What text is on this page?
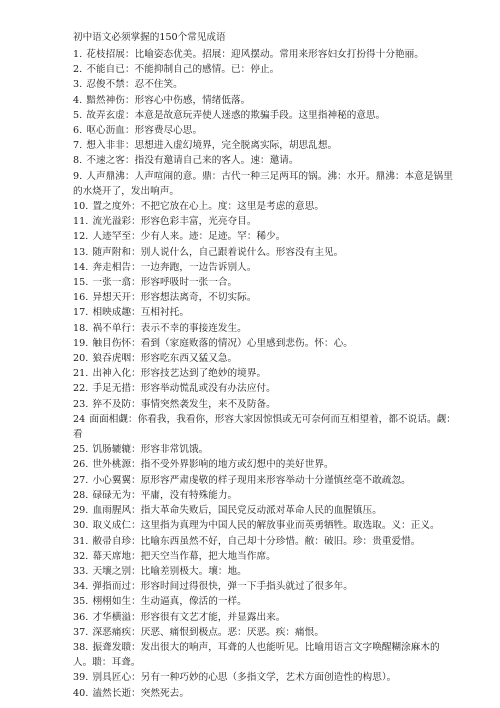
初中语文必须掌握的150个常见成语
1. 花枝招展：比喻姿态优美。招展：迎风摆动。常用来形容妇女打扮得十分艳丽。
2. 不能自已：不能抑制自己的感情。已：停止。
3. 忍俊不禁：忍不住笑。
4. 黯然神伤：形容心中伤感，情绪低落。
5. 故弄玄虚：本意是故意玩弄使人迷惑的欺骗手段。这里指神秘的意思。
6. 呕心沥血：形容费尽心思。
7. 想入非非：思想进入虚幻境界，完全脱离实际，胡思乱想。
8. 不速之客：指没有邀请自己来的客人。速：邀请。
9. 人声鼎沸：人声喧闹的意。鼎：古代一种三足两耳的锅。沸：水开。鼎沸：本意是锅里的水烧开了，发出响声。
10. 置之度外：不把它放在心上。度：这里是考虑的意思。
11. 流光溢彩：形容色彩丰富，光亮夺目。
12. 人迹罕至：少有人来。迹：足迹。罕：稀少。
13. 随声附和：别人说什么，自己跟着说什么。形容没有主见。
14. 奔走相告：一边奔跑，一边告诉别人。
15. 一张一翕：形容呼吸时一张一合。
16. 异想天开：形容想法离奇，不切实际。
17. 相映成趣：互相衬托。
18. 祸不单行：表示不幸的事接连发生。
19. 触目伤怀：看到（家庭败落的情况）心里感到悲伤。怀：心。
20. 狼吞虎咽：形容吃东西又猛又急。
21. 出神入化：形容技艺达到了绝妙的境界。
22. 手足无措：形容举动慌乱或没有办法应付。
23. 猝不及防：事情突然袭发生，来不及防备。
24 面面相觑：你看我，我看你，形容大家因惊惧或无可奈何而互相望着，都不说话。觑：看
25. 饥肠辘辘：形容非常饥饿。
26. 世外桃源：指不受外界影响的地方或幻想中的美好世界。
27. 小心翼翼：原形容严肃虔敬的样子现用来形容举动十分谨慎丝毫不敢疏忽。
28. 碌碌无为：平庸，没有特殊能力。
29. 血雨腥风：指大革命失败后，国民党反动派对革命人民的血腥镇压。
30. 取义成仁：这里指为真理为中国人民的解放事业而英勇牺牲。取选取。义：正义。
31. 敝帚自珍：比喻东西虽然不好，自己却十分珍惜。敝：破旧。珍：贵重爱惜。
32. 幕天席地：把天空当作幕，把大地当作席。
33. 天壤之别：比喻差别极大。壤：地。
34. 弹指而过：形容时间过得很快，弹一下手指头就过了很多年。
35. 栩栩如生：生动逼真，像活的一样。
36. 才华横溢：形容很有文艺才能，并显露出来。
37. 深恶痛疾：厌恶、痛恨到极点。恶：厌恶。疾：痛恨。
38. 振聋发聩：发出很大的响声，耳聋的人也能听见。比喻用语言文字唤醒糊涂麻木的人。聩：耳聋。
39. 别具匠心：另有一种巧妙的心思（多指文学，艺术方面创造性的构思）。
40. 溘然长逝：突然死去。
